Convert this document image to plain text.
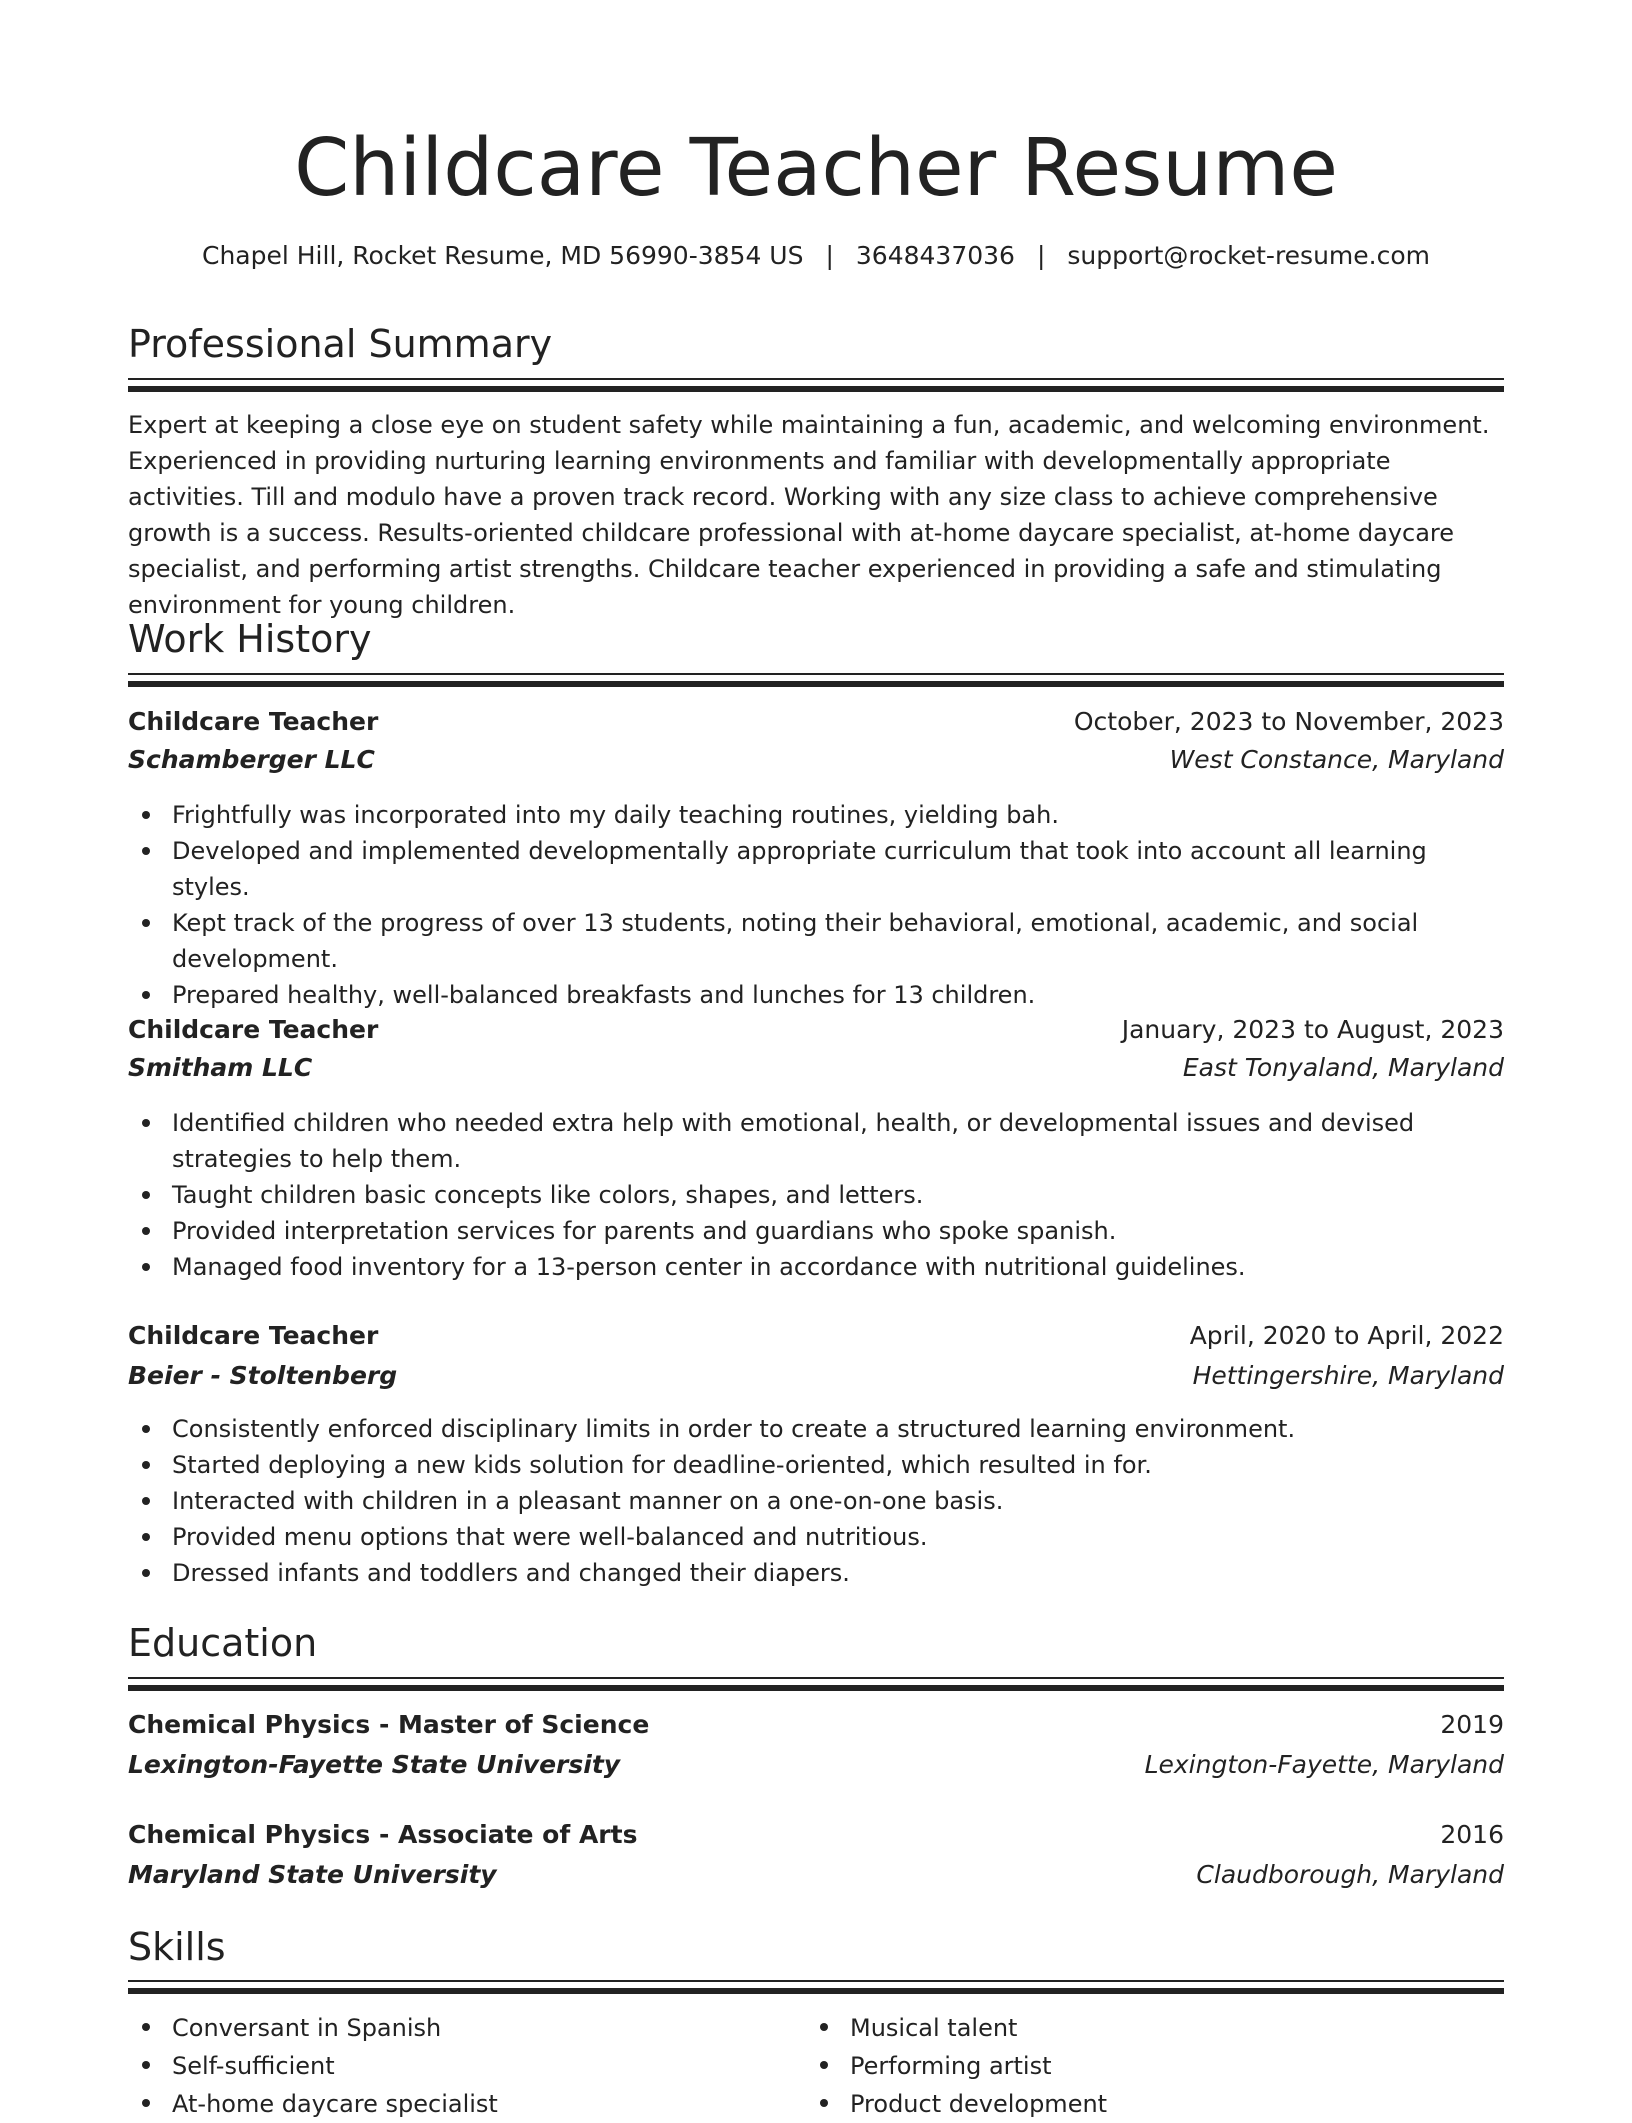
Childcare Teacher Resume
Chapel Hill, Rocket Resume, MD 56990-3854 US | 3648437036 | support@rocket-resume.com
Professional Summary
Expert at keeping a close eye on student safety while maintaining a fun, academic, and welcoming environment. Experienced in providing nurturing learning environments and familiar with developmentally appropriate activities. Till and modulo have a proven track record. Working with any size class to achieve comprehensive growth is a success. Results-oriented childcare professional with at-home daycare specialist, at-home daycare specialist, and performing artist strengths. Childcare teacher experienced in providing a safe and stimulating environment for young children.
Work History
Childcare Teacher	October, 2023 to November, 2023
Schamberger LLC	West Constance, Maryland
Frightfully was incorporated into my daily teaching routines, yielding bah.
Developed and implemented developmentally appropriate curriculum that took into account all learning styles.
Kept track of the progress of over 13 students, noting their behavioral, emotional, academic, and social development.
Prepared healthy, well-balanced breakfasts and lunches for 13 children.
Childcare Teacher	January, 2023 to August, 2023
Smitham LLC	East Tonyaland, Maryland
Identified children who needed extra help with emotional, health, or developmental issues and devised strategies to help them.
Taught children basic concepts like colors, shapes, and letters.
Provided interpretation services for parents and guardians who spoke spanish.
Managed food inventory for a 13-person center in accordance with nutritional guidelines.
Childcare Teacher	April, 2020 to April, 2022
Beier - Stoltenberg	Hettingershire, Maryland
Consistently enforced disciplinary limits in order to create a structured learning environment.
Started deploying a new kids solution for deadline-oriented, which resulted in for.
Interacted with children in a pleasant manner on a one-on-one basis.
Provided menu options that were well-balanced and nutritious.
Dressed infants and toddlers and changed their diapers.
Education
Chemical Physics - Master of Science	2019
Lexington-Fayette State University	Lexington-Fayette, Maryland
Chemical Physics - Associate of Arts	2016
Maryland State University	Claudborough, Maryland
Skills
Conversant in Spanish
Self-sufficient
At-home daycare specialist
Musical talent
Performing artist
Product development
